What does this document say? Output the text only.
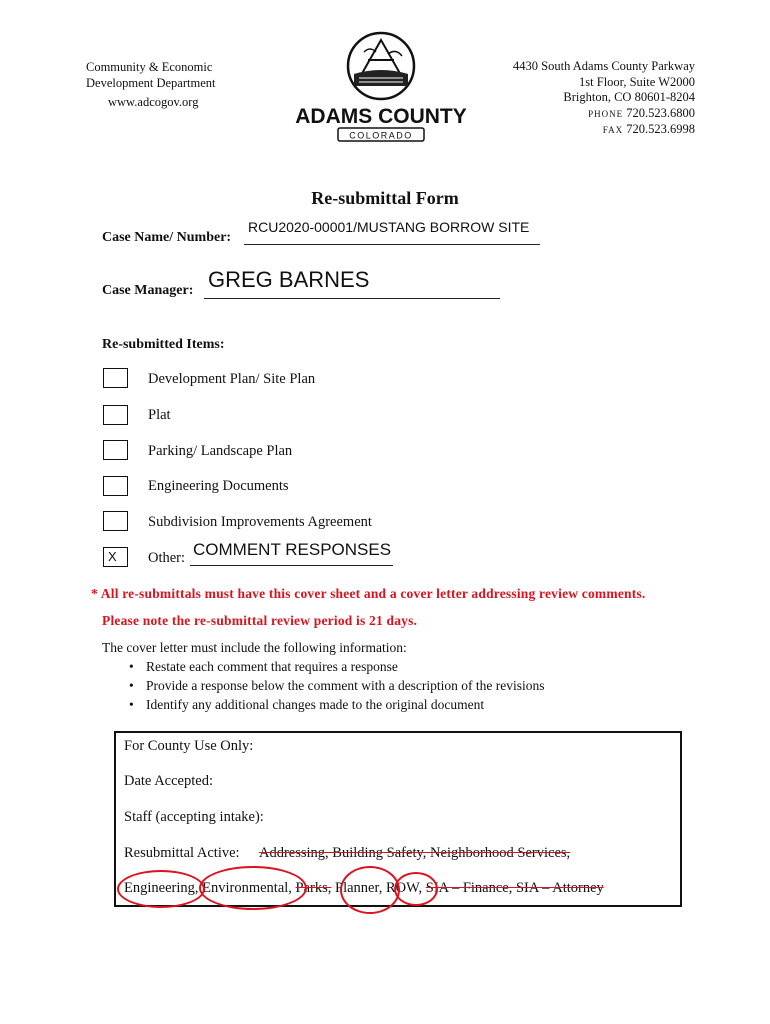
Community & Economic
Development Department
www.adcogov.org
ADAMS COUNTY
COLORADO
4430 South Adams County Parkway
1st Floor, Suite W2000
Brighton, CO 80601-8204
PHONE 720.523.6800
FAX 720.523.6998
Re-submittal Form
Case Name/ Number:
RCU2020-00001/MUSTANG BORROW SITE
Case Manager: GREG BARNES
Re-submitted Items:
Development Plan/ Site Plan
Plat
Parking/ Landscape Plan
Engineering Documents
Subdivision Improvements Agreement
X	Other: COMMENT RESPONSES
* All re-submittals must have this cover sheet and a cover letter addressing review comments.
Please note the re-submittal review period is 21 days.
The cover letter must include the following information:
• Restate each comment that requires a response
• Provide a response below the comment with a description of the revisions
• Identify any additional changes made to the original document
For County Use Only:
Date Accepted:
Staff (accepting intake):
Resubmittal Active: Addressing, Building Safety, Neighborhood Services,
Engineering, Environmental, Parks, Planner, ROW, SIA – Finance, SIA – Attorney
